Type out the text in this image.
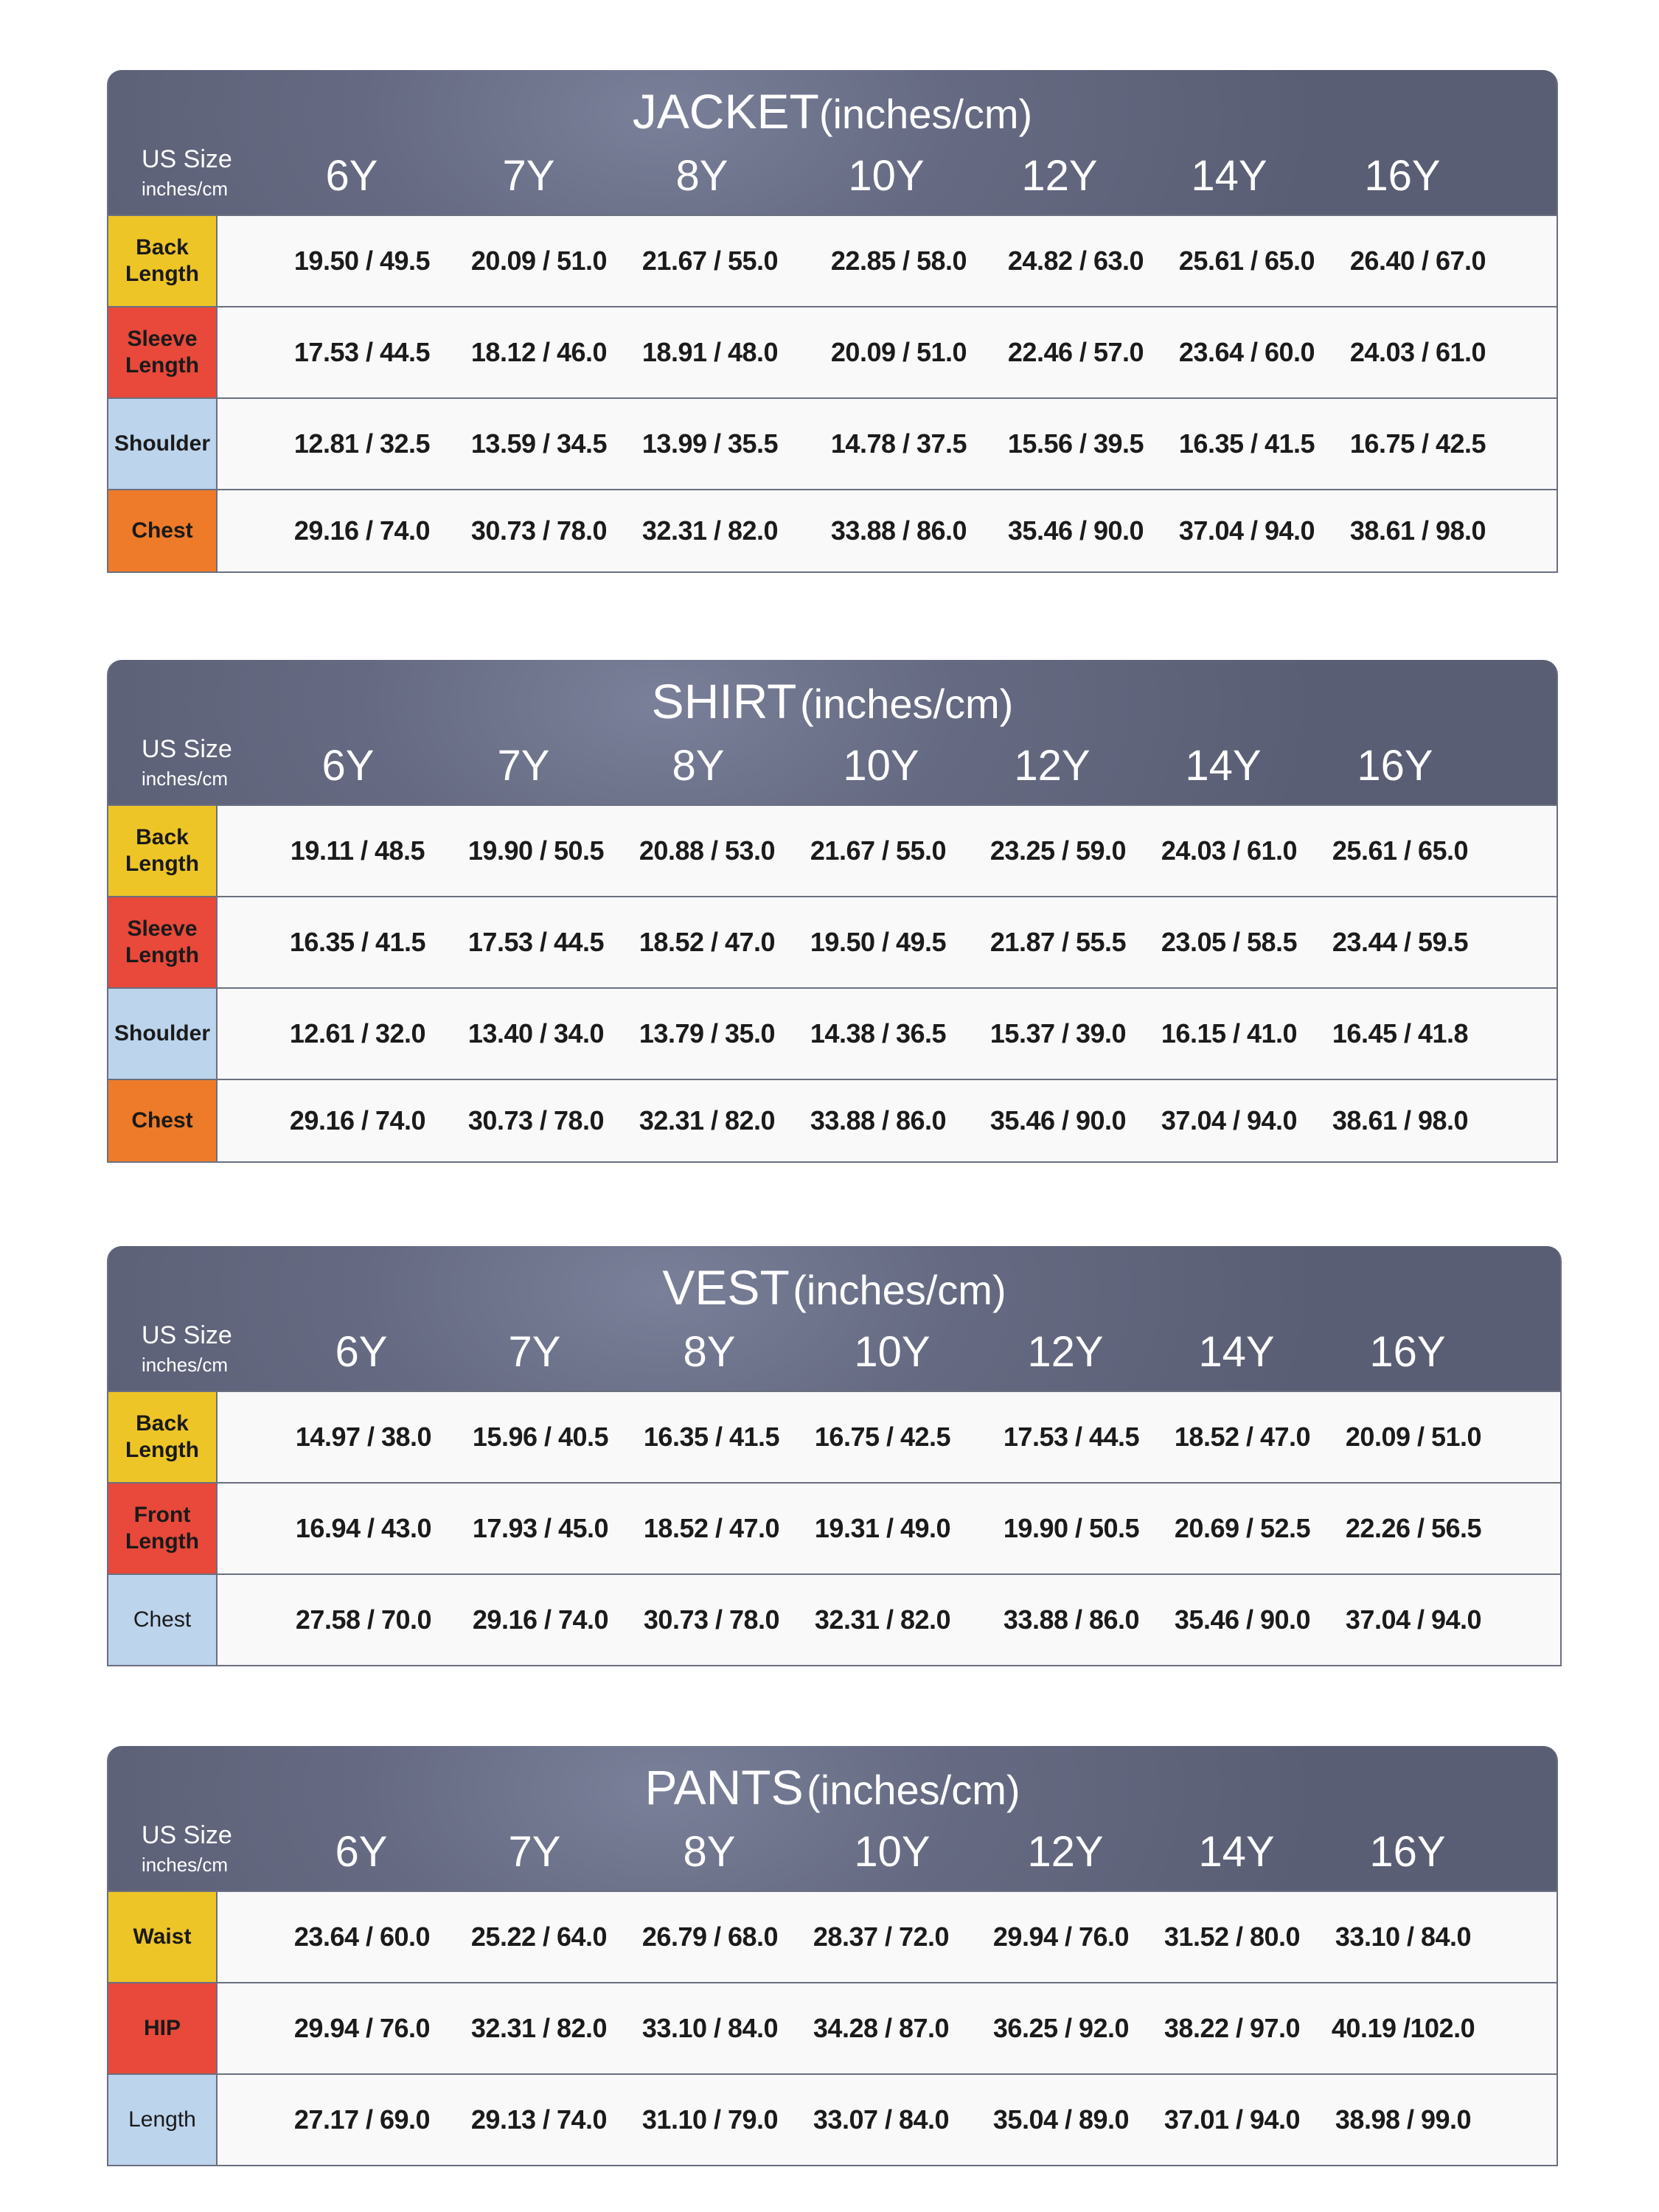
JACKET(inches/cm)
US Size
inches/cm	6Y	7Y	8Y	10Y	12Y	14Y	16Y
Back Length	19.50 / 49.5	20.09 / 51.0	21.67 / 55.0	22.85 / 58.0	24.82 / 63.0	25.61 / 65.0	26.40 / 67.0
Sleeve Length	17.53 / 44.5	18.12 / 46.0	18.91 / 48.0	20.09 / 51.0	22.46 / 57.0	23.64 / 60.0	24.03 / 61.0
Shoulder	12.81 / 32.5	13.59 / 34.5	13.99 / 35.5	14.78 / 37.5	15.56 / 39.5	16.35 / 41.5	16.75 / 42.5
Chest	29.16 / 74.0	30.73 / 78.0	32.31 / 82.0	33.88 / 86.0	35.46 / 90.0	37.04 / 94.0	38.61 / 98.0
SHIRT (inches/cm)
US Size
inches/cm	6Y	7Y	8Y	10Y	12Y	14Y	16Y
Back Length	19.11 / 48.5	19.90 / 50.5	20.88 / 53.0	21.67 / 55.0	23.25 / 59.0	24.03 / 61.0	25.61 / 65.0
Sleeve Length	16.35 / 41.5	17.53 / 44.5	18.52 / 47.0	19.50 / 49.5	21.87 / 55.5	23.05 / 58.5	23.44 / 59.5
Shoulder	12.61 / 32.0	13.40 / 34.0	13.79 / 35.0	14.38 / 36.5	15.37 / 39.0	16.15 / 41.0	16.45 / 41.8
Chest	29.16 / 74.0	30.73 / 78.0	32.31 / 82.0	33.88 / 86.0	35.46 / 90.0	37.04 / 94.0	38.61 / 98.0
VEST (inches/cm)
US Size
inches/cm	6Y	7Y	8Y	10Y	12Y	14Y	16Y
Back Length	14.97 / 38.0	15.96 / 40.5	16.35 / 41.5	16.75 / 42.5	17.53 / 44.5	18.52 / 47.0	20.09 / 51.0
Front Length	16.94 / 43.0	17.93 / 45.0	18.52 / 47.0	19.31 / 49.0	19.90 / 50.5	20.69 / 52.5	22.26 / 56.5
Chest	27.58 / 70.0	29.16 / 74.0	30.73 / 78.0	32.31 / 82.0	33.88 / 86.0	35.46 / 90.0	37.04 / 94.0
PANTS (inches/cm)
US Size
inches/cm	6Y	7Y	8Y	10Y	12Y	14Y	16Y
Waist	23.64 / 60.0	25.22 / 64.0	26.79 / 68.0	28.37 / 72.0	29.94 / 76.0	31.52 / 80.0	33.10 / 84.0
HIP	29.94 / 76.0	32.31 / 82.0	33.10 / 84.0	34.28 / 87.0	36.25 / 92.0	38.22 / 97.0	40.19 /102.0
Length	27.17 / 69.0	29.13 / 74.0	31.10 / 79.0	33.07 / 84.0	35.04 / 89.0	37.01 / 94.0	38.98 / 99.0
